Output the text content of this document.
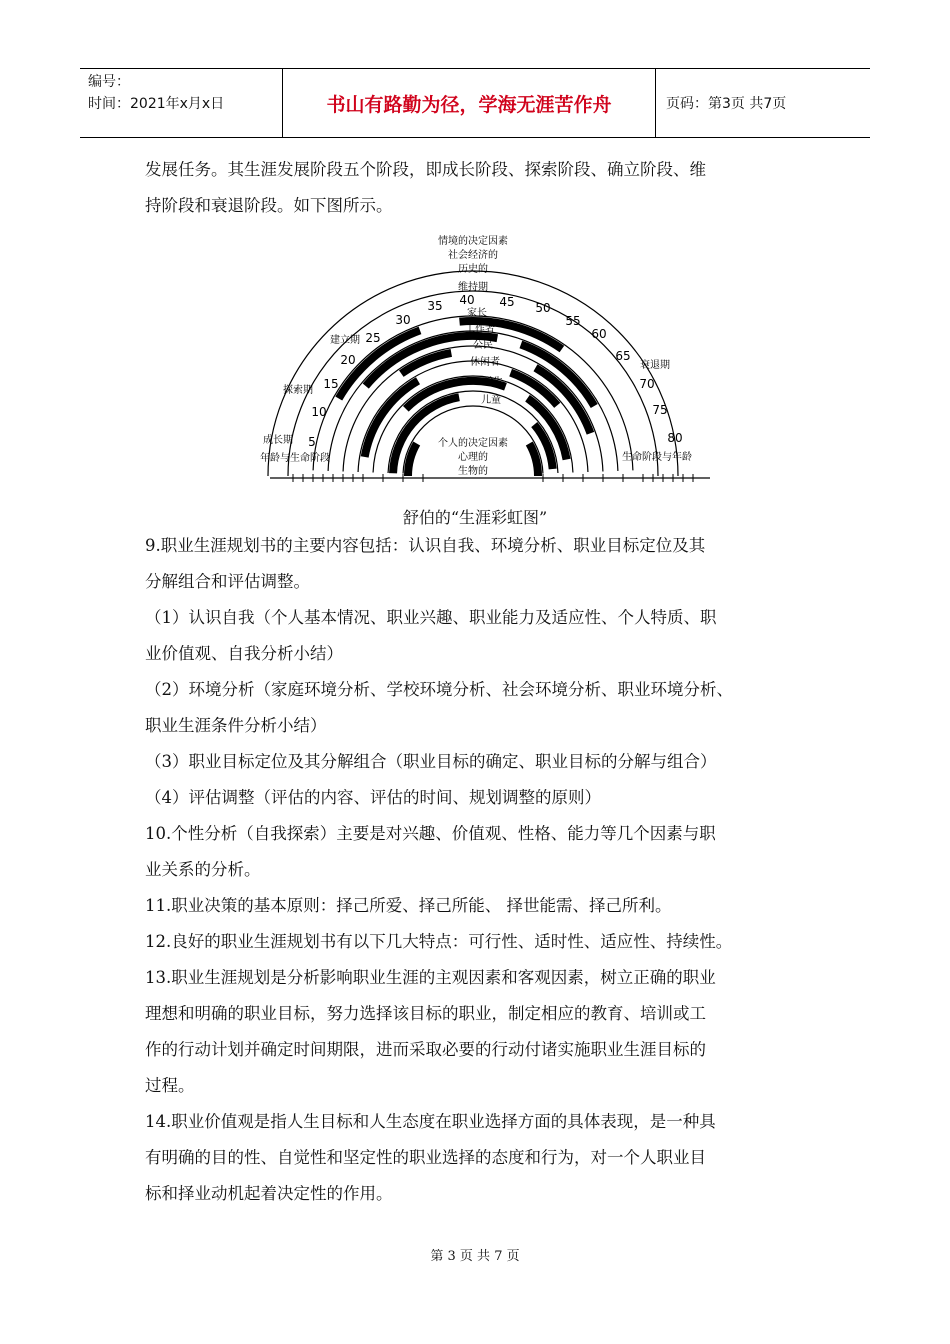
编号：
时间：2021年x月x日	书山有路勤为径，学海无涯苦作舟	页码：第3页 共7页

发展任务。其生涯发展阶段五个阶段，即成长阶段、探索阶段、确立阶段、维

持阶段和衰退阶段。如下图所示。

情境的决定因素
社会经济的
历史的
维持期
个人的决定因素
心理的
生物的
成长期
探索期
建立期
衰退期
年龄与生命阶段	生命阶段与年龄
5
10
15
20
25
30
35 40 45 50
55
60
65
70
75
80
家长
工作者
公民
休闲者
学生
儿童
舒伯的“生涯彩虹图”

9.职业生涯规划书的主要内容包括：认识自我、环境分析、职业目标定位及其

分解组合和评估调整。

（1）认识自我（个人基本情况、职业兴趣、职业能力及适应性、个人特质、职

业价值观、自我分析小结）

（2）环境分析（家庭环境分析、学校环境分析、社会环境分析、职业环境分析、

职业生涯条件分析小结）

（3）职业目标定位及其分解组合（职业目标的确定、职业目标的分解与组合）

（4）评估调整（评估的内容、评估的时间、规划调整的原则）

10.个性分析（自我探索）主要是对兴趣、价值观、性格、能力等几个因素与职

业关系的分析。

11.职业决策的基本原则：择己所爱、择己所能、 择世能需、择己所利。

12.良好的职业生涯规划书有以下几大特点：可行性、适时性、适应性、持续性。

13.职业生涯规划是分析影响职业生涯的主观因素和客观因素，树立正确的职业

理想和明确的职业目标，努力选择该目标的职业，制定相应的教育、培训或工

作的行动计划并确定时间期限，进而采取必要的行动付诸实施职业生涯目标的

过程。

14.职业价值观是指人生目标和人生态度在职业选择方面的具体表现，是一种具

有明确的目的性、自觉性和坚定性的职业选择的态度和行为，对一个人职业目

标和择业动机起着决定性的作用。

第 3 页 共 7 页
